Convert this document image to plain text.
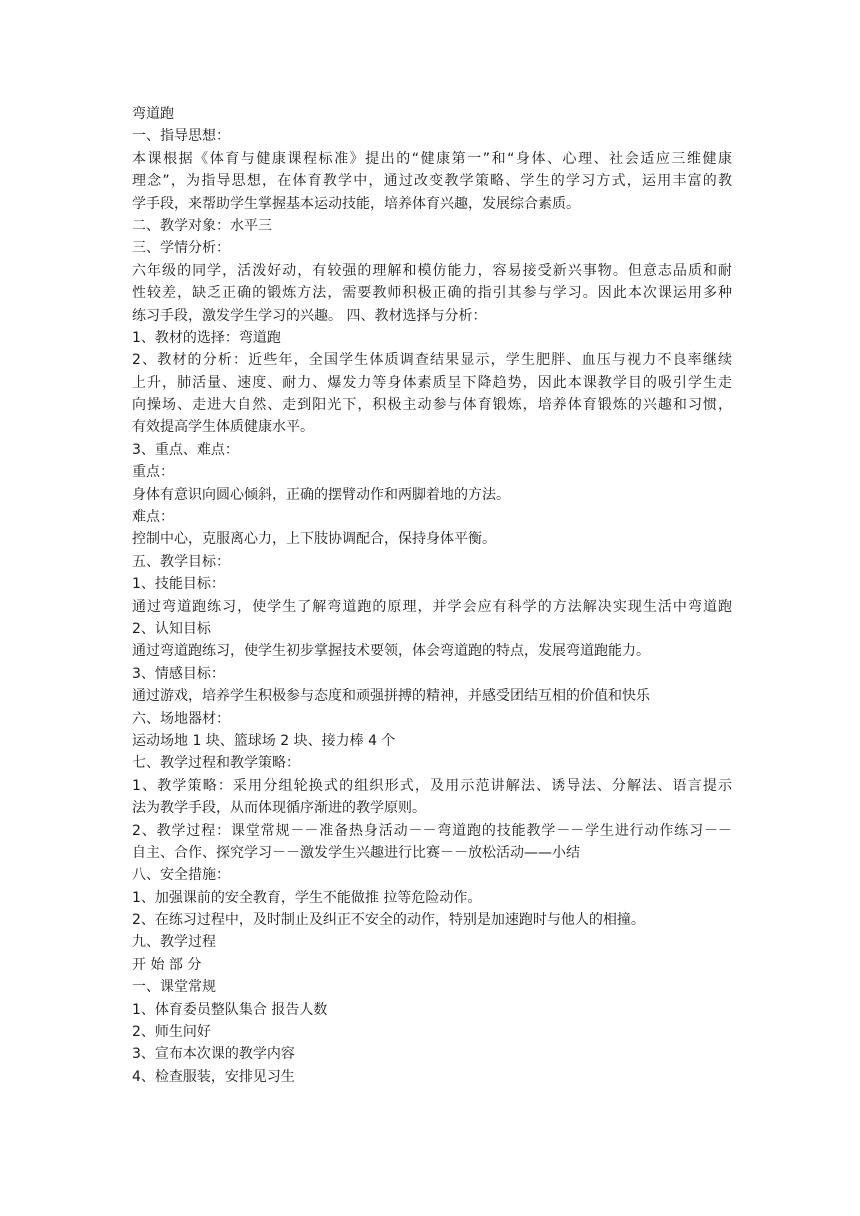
弯道跑
一、指导思想：
本课根据《体育与健康课程标准》提出的“健康第一”和“身体、心理、社会适应三维健康
理念”，为指导思想，在体育教学中，通过改变教学策略、学生的学习方式，运用丰富的教
学手段，来帮助学生掌握基本运动技能，培养体育兴趣，发展综合素质。
二、教学对象：水平三
三、学情分析：
六年级的同学，活泼好动，有较强的理解和模仿能力，容易接受新兴事物。但意志品质和耐
性较差，缺乏正确的锻炼方法，需要教师积极正确的指引其参与学习。因此本次课运用多种
练习手段，激发学生学习的兴趣。 四、教材选择与分析：
1、教材的选择：弯道跑
2、教材的分析：近些年，全国学生体质调查结果显示，学生肥胖、血压与视力不良率继续
上升，肺活量、速度、耐力、爆发力等身体素质呈下降趋势，因此本课教学目的吸引学生走
向操场、走进大自然、走到阳光下，积极主动参与体育锻炼，培养体育锻炼的兴趣和习惯，
有效提高学生体质健康水平。
3、重点、难点：
重点：
身体有意识向圆心倾斜，正确的摆臂动作和两脚着地的方法。
难点：
控制中心，克服离心力，上下肢协调配合，保持身体平衡。
五、教学目标：
1、技能目标：
通过弯道跑练习，使学生了解弯道跑的原理，并学会应有科学的方法解决实现生活中弯道跑
2、认知目标
通过弯道跑练习，使学生初步掌握技术要领，体会弯道跑的特点，发展弯道跑能力。
3、情感目标：
通过游戏，培养学生积极参与态度和顽强拼搏的精神，并感受团结互相的价值和快乐
六、场地器材：
运动场地 1 块、篮球场 2 块、接力棒 4 个
七、教学过程和教学策略：
1、教学策略：采用分组轮换式的组织形式，及用示范讲解法、诱导法、分解法、语言提示
法为教学手段，从而体现循序渐进的教学原则。
2、教学过程：课堂常规－－准备热身活动－－弯道跑的技能教学－－学生进行动作练习－－
自主、合作、探究学习－－激发学生兴趣进行比赛－－放松活动——小结
八、安全措施：
1、加强课前的安全教育，学生不能做推 拉等危险动作。
2、在练习过程中，及时制止及纠正不安全的动作，特别是加速跑时与他人的相撞。
九、教学过程
开 始 部 分
一、课堂常规
1、体育委员整队集合 报告人数
2、师生问好
3、宣布本次课的教学内容
4、检查服装，安排见习生
